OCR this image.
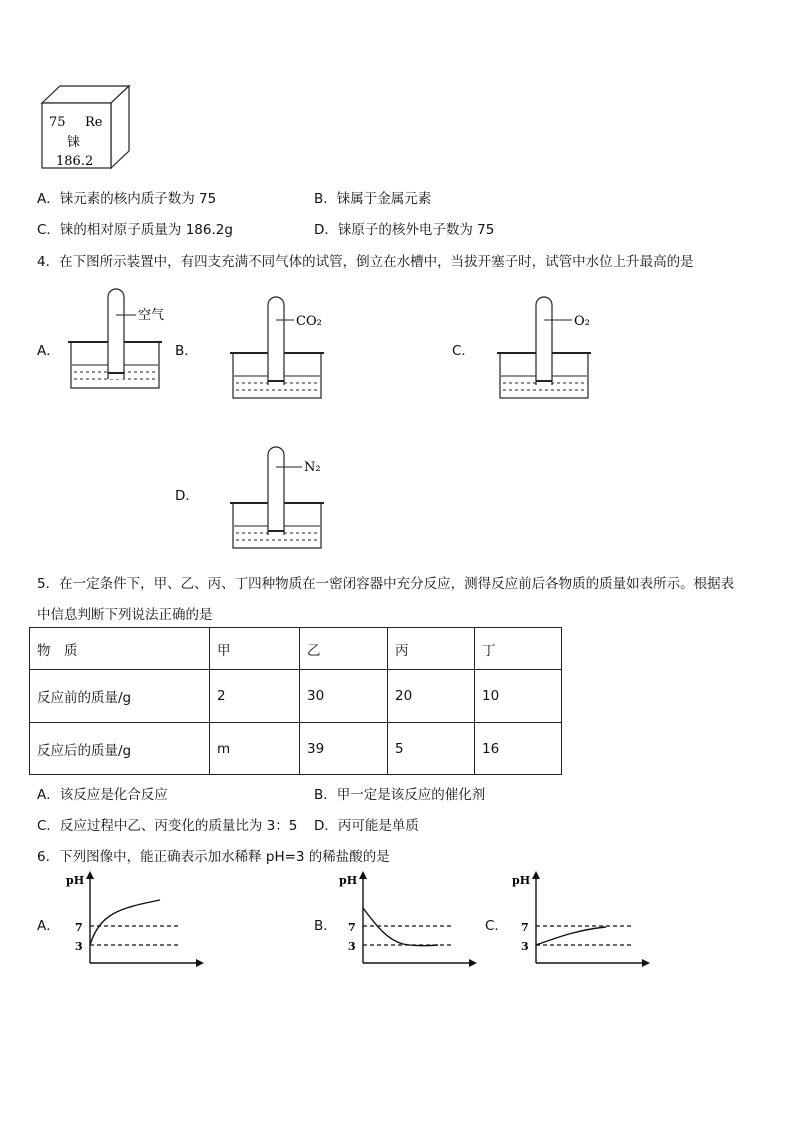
75 Re
铼
186.2
A．铼元素的核内质子数为 75	B．铼属于金属元素
C．铼的相对原子质量为 186.2g	D．铼原子的核外电子数为 75
4．在下图所示装置中，有四支充满不同气体的试管，倒立在水槽中，当拔开塞子时，试管中水位上升最高的是
A．
空气
B．
CO₂
C．
O₂
D．
N₂
5．在一定条件下，甲、乙、丙、丁四种物质在一密闭容器中充分反应，测得反应前后各物质的质量如表所示。根据表
中信息判断下列说法正确的是
物　质	甲	乙	丙	丁
反应前的质量/g	2	30	20	10
反应后的质量/g	m	39	5	16
A．该反应是化合反应	B．甲一定是该反应的催化剂
C．反应过程中乙、丙变化的质量比为 3：5 D．丙可能是单质
6．下列图像中，能正确表示加水稀释 pH=3 的稀盐酸的是
A．
pH
7
3
B．
pH
7
3
C．
pH
7
3
